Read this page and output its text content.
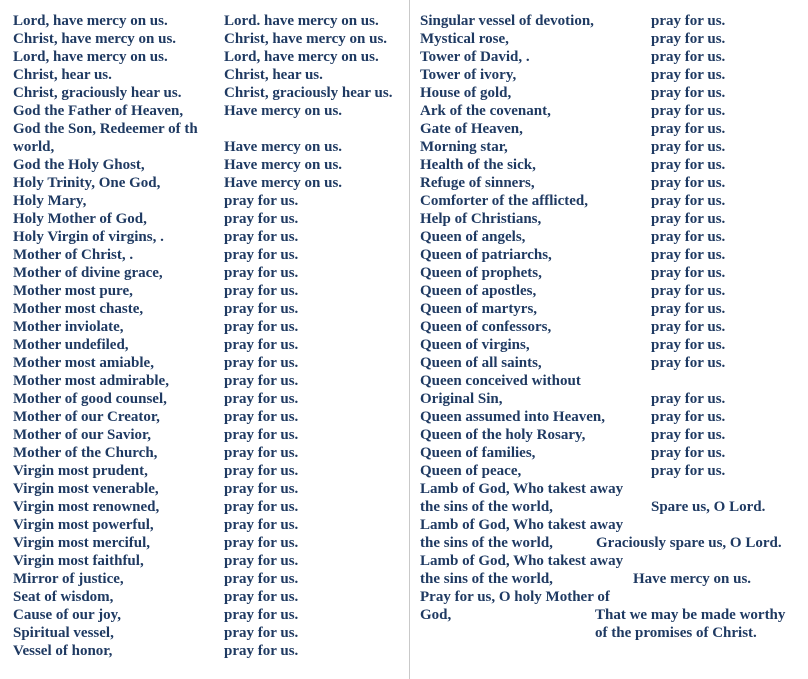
Lord, have mercy on us.	Lord. have mercy on us.
Christ, have mercy on us.	Christ, have mercy on us.
Lord, have mercy on us.	Lord, have mercy on us.
Christ, hear us.	Christ, hear us.
Christ, graciously hear us.	Christ, graciously hear us.
God the Father of Heaven,	Have mercy on us.
God the Son, Redeemer of th
world,	Have mercy on us.
God the Holy Ghost,	Have mercy on us.
Holy Trinity, One God,	Have mercy on us.
Holy Mary,	pray for us.
Holy Mother of God,	pray for us.
Holy Virgin of virgins, .	pray for us.
Mother of Christ, .	pray for us.
Mother of divine grace,	pray for us.
Mother most pure,	pray for us.
Mother most chaste,	pray for us.
Mother inviolate,	pray for us.
Mother undefiled,	pray for us.
Mother most amiable,	pray for us.
Mother most admirable,	pray for us.
Mother of good counsel,	pray for us.
Mother of our Creator,	pray for us.
Mother of our Savior,	pray for us.
Mother of the Church,	pray for us.
Virgin most prudent,	pray for us.
Virgin most venerable,	pray for us.
Virgin most renowned,	pray for us.
Virgin most powerful,	pray for us.
Virgin most merciful,	pray for us.
Virgin most faithful,	pray for us.
Mirror of justice,	pray for us.
Seat of wisdom,	pray for us.
Cause of our joy,	pray for us.
Spiritual vessel,	pray for us.
Vessel of honor,	pray for us.
Singular vessel of devotion,	pray for us.
Mystical rose,	pray for us.
Tower of David, .	pray for us.
Tower of ivory,	pray for us.
House of gold,	pray for us.
Ark of the covenant,	pray for us.
Gate of Heaven,	pray for us.
Morning star,	pray for us.
Health of the sick,	pray for us.
Refuge of sinners,	pray for us.
Comforter of the afflicted,	pray for us.
Help of Christians,	pray for us.
Queen of angels,	pray for us.
Queen of patriarchs,	pray for us.
Queen of prophets,	pray for us.
Queen of apostles,	pray for us.
Queen of martyrs,	pray for us.
Queen of confessors,	pray for us.
Queen of virgins,	pray for us.
Queen of all saints,	pray for us.
Queen conceived without
Original Sin,	pray for us.
Queen assumed into Heaven,	pray for us.
Queen of the holy Rosary,	pray for us.
Queen of families,	pray for us.
Queen of peace,	pray for us.
Lamb of God, Who takest away
the sins of the world,	Spare us, O Lord.
Lamb of God, Who takest away
the sins of the world,	Graciously spare us, O Lord.
Lamb of God, Who takest away
the sins of the world,	Have mercy on us.
Pray for us, O holy Mother of
God,	That we may be made worthy
of the promises of Christ.
